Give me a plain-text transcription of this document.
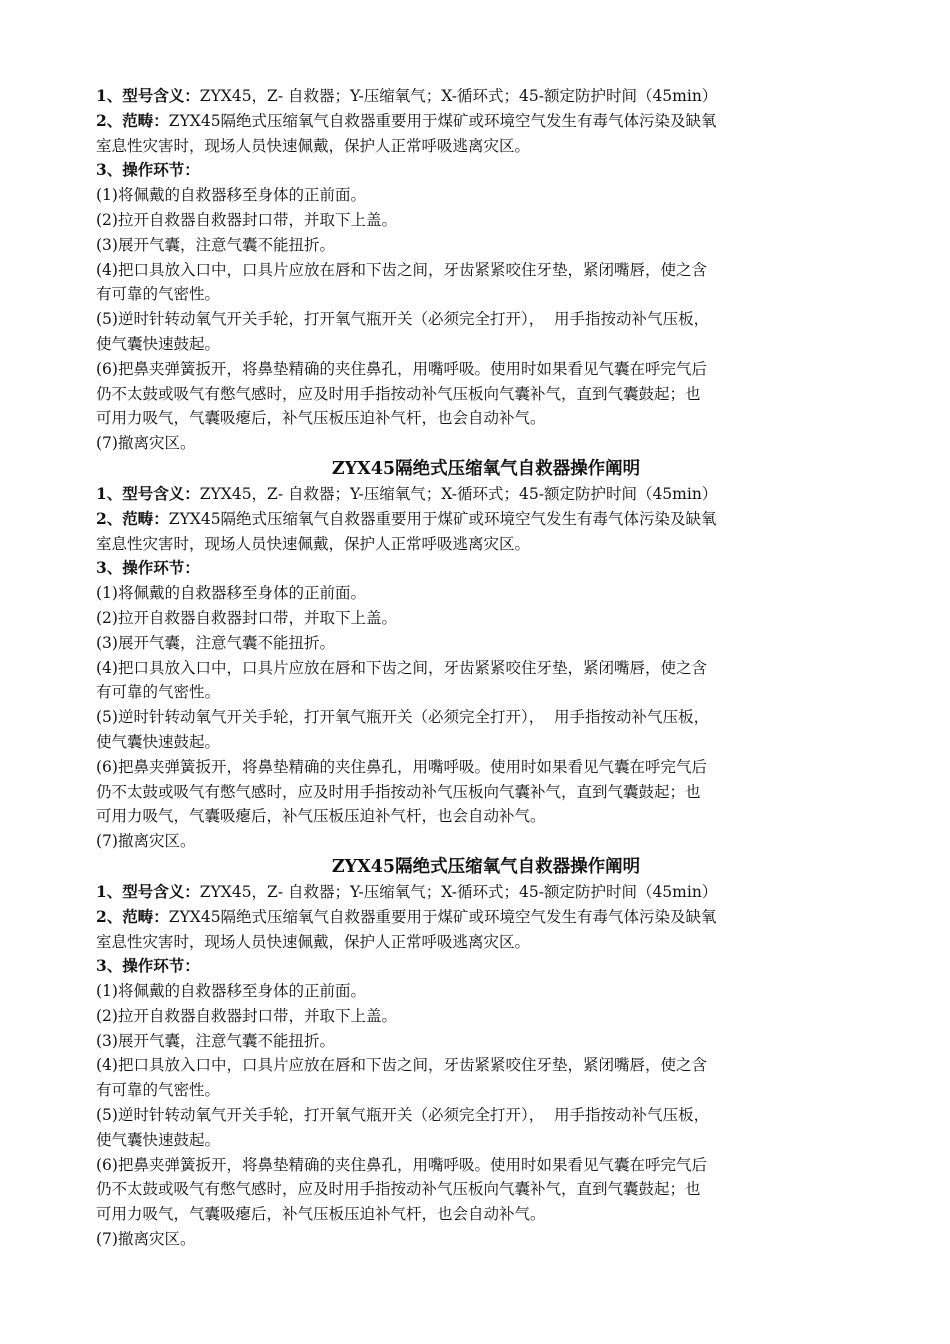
1、型号含义：ZYX45，Z- 自救器；Y-压缩氧气；X-循环式；45-额定防护时间（45min）
2、范畴：ZYX45隔绝式压缩氧气自救器重要用于煤矿或环境空气发生有毒气体污染及缺氧
室息性灾害时，现场人员快速佩戴，保护人正常呼吸逃离灾区。
3、操作环节：
(1)将佩戴的自救器移至身体的正前面。
(2)拉开自救器自救器封口带，并取下上盖。
(3)展开气囊，注意气囊不能扭折。
(4)把口具放入口中，口具片应放在唇和下齿之间，牙齿紧紧咬住牙垫，紧闭嘴唇，使之含
有可靠的气密性。
(5)逆时针转动氧气开关手轮，打开氧气瓶开关（必须完全打开），  用手指按动补气压板，
使气囊快速鼓起。
(6)把鼻夹弹簧扳开，将鼻垫精确的夹住鼻孔，用嘴呼吸。使用时如果看见气囊在呼完气后
仍不太鼓或吸气有憋气感时，应及时用手指按动补气压板向气囊补气，直到气囊鼓起；也
可用力吸气，气囊吸瘪后，补气压板压迫补气杆，也会自动补气。
(7)撤离灾区。
ZYX45隔绝式压缩氧气自救器操作阐明
1、型号含义：ZYX45，Z- 自救器；Y-压缩氧气；X-循环式；45-额定防护时间（45min）
2、范畴：ZYX45隔绝式压缩氧气自救器重要用于煤矿或环境空气发生有毒气体污染及缺氧
室息性灾害时，现场人员快速佩戴，保护人正常呼吸逃离灾区。
3、操作环节：
(1)将佩戴的自救器移至身体的正前面。
(2)拉开自救器自救器封口带，并取下上盖。
(3)展开气囊，注意气囊不能扭折。
(4)把口具放入口中，口具片应放在唇和下齿之间，牙齿紧紧咬住牙垫，紧闭嘴唇，使之含
有可靠的气密性。
(5)逆时针转动氧气开关手轮，打开氧气瓶开关（必须完全打开），  用手指按动补气压板，
使气囊快速鼓起。
(6)把鼻夹弹簧扳开，将鼻垫精确的夹住鼻孔，用嘴呼吸。使用时如果看见气囊在呼完气后
仍不太鼓或吸气有憋气感时，应及时用手指按动补气压板向气囊补气，直到气囊鼓起；也
可用力吸气，气囊吸瘪后，补气压板压迫补气杆，也会自动补气。
(7)撤离灾区。
ZYX45隔绝式压缩氧气自救器操作阐明
1、型号含义：ZYX45，Z- 自救器；Y-压缩氧气；X-循环式；45-额定防护时间（45min）
2、范畴：ZYX45隔绝式压缩氧气自救器重要用于煤矿或环境空气发生有毒气体污染及缺氧
室息性灾害时，现场人员快速佩戴，保护人正常呼吸逃离灾区。
3、操作环节：
(1)将佩戴的自救器移至身体的正前面。
(2)拉开自救器自救器封口带，并取下上盖。
(3)展开气囊，注意气囊不能扭折。
(4)把口具放入口中，口具片应放在唇和下齿之间，牙齿紧紧咬住牙垫，紧闭嘴唇，使之含
有可靠的气密性。
(5)逆时针转动氧气开关手轮，打开氧气瓶开关（必须完全打开），  用手指按动补气压板，
使气囊快速鼓起。
(6)把鼻夹弹簧扳开，将鼻垫精确的夹住鼻孔，用嘴呼吸。使用时如果看见气囊在呼完气后
仍不太鼓或吸气有憋气感时，应及时用手指按动补气压板向气囊补气，直到气囊鼓起；也
可用力吸气，气囊吸瘪后，补气压板压迫补气杆，也会自动补气。
(7)撤离灾区。
